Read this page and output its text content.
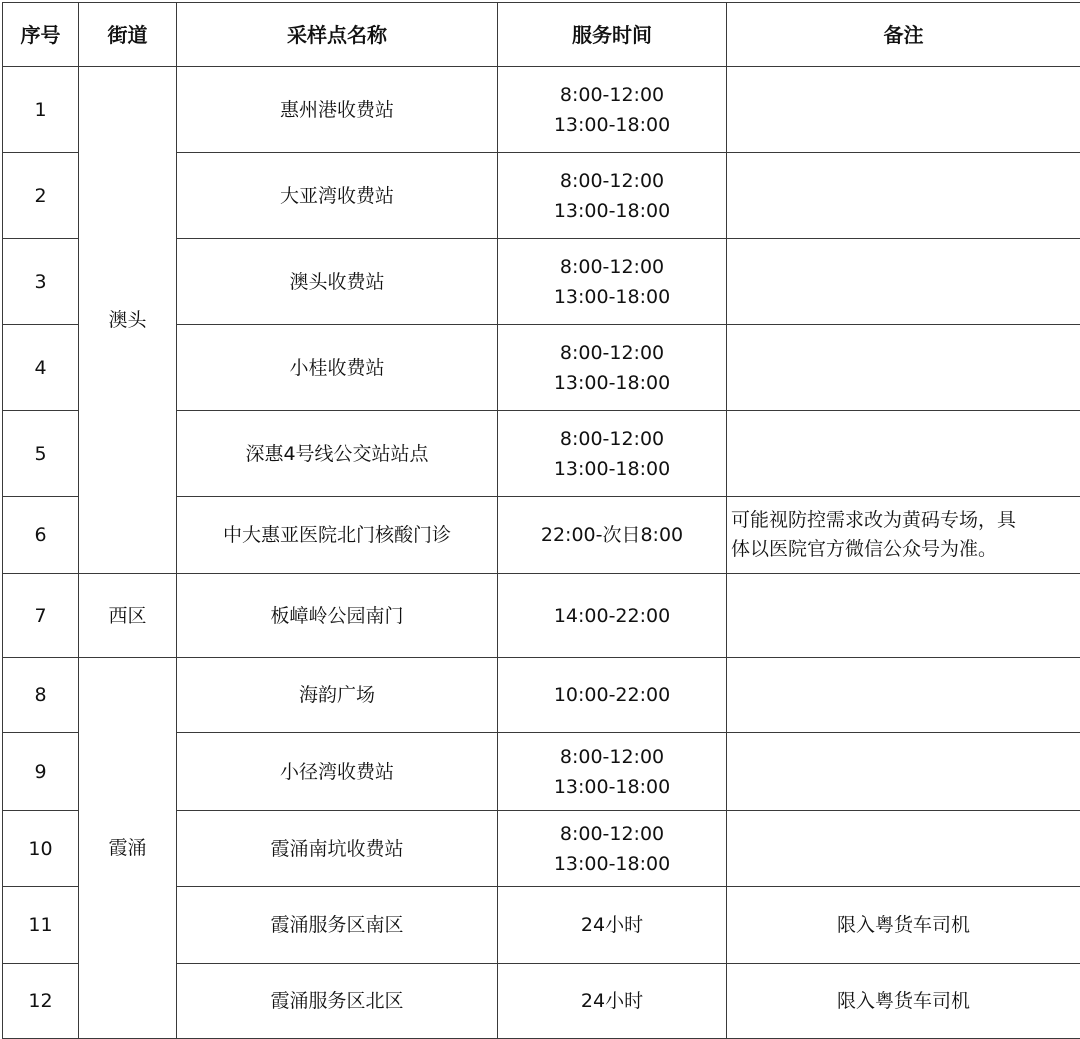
序号	街道	采样点名称	服务时间	备注
1	澳头	惠州港收费站	8:00-12:00
13:00-18:00	

2		大亚湾收费站	8:00-12:00
13:00-18:00	

3		澳头收费站	8:00-12:00
13:00-18:00	

4		小桂收费站	8:00-12:00
13:00-18:00	

5		深惠4号线公交站站点	8:00-12:00
13:00-18:00	

6		中大惠亚医院北门核酸门诊	22:00-次日8:00	可能视防控需求改为黄码专场，具
体以医院官方微信公众号为准。

7	西区	板嶂岭公园南门	14:00-22:00	
8	霞涌	海韵广场	10:00-22:00	
9		小径湾收费站	8:00-12:00
13:00-18:00	

10		霞涌南坑收费站	8:00-12:00
13:00-18:00	

11		霞涌服务区南区	24小时	限入粤货车司机
12		霞涌服务区北区	24小时	限入粤货车司机
